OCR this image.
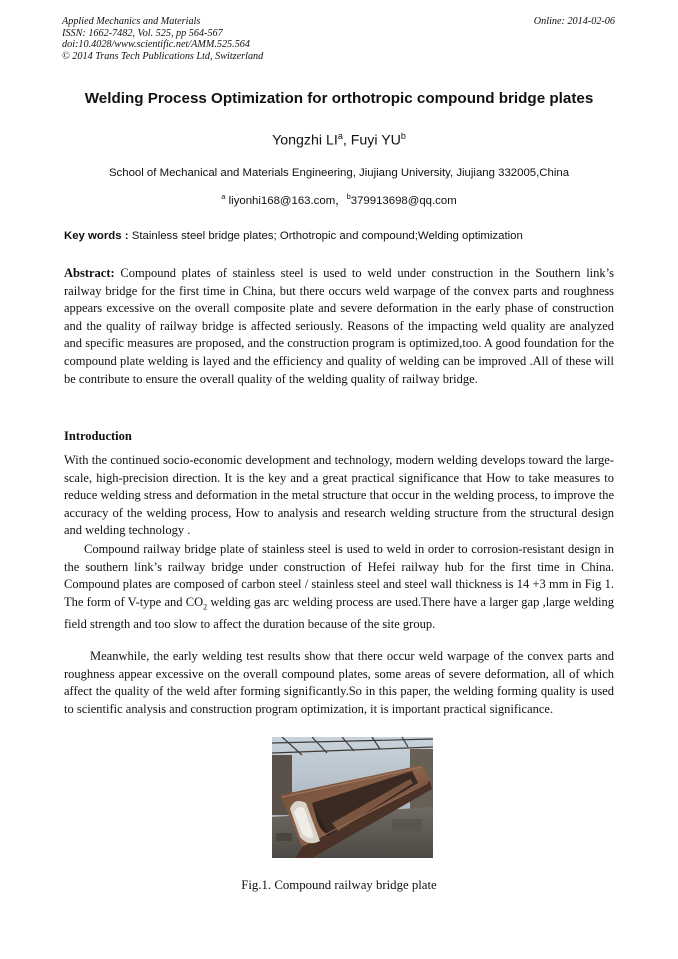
Applied Mechanics and Materials
ISSN: 1662-7482, Vol. 525, pp 564-567
doi:10.4028/www.scientific.net/AMM.525.564
© 2014 Trans Tech Publications Ltd, Switzerland
Online: 2014-02-06
Welding Process Optimization for orthotropic compound bridge plates
Yongzhi $LI^a$, Fuyi $YU^b$
School of Mechanical and Materials Engineering, Jiujiang University, Jiujiang 332005,China
$^a$ liyonhi168@163.com，$^b$379913698@qq.com
Key words : Stainless steel bridge plates; Orthotropic and compound;Welding optimization
Abstract: Compound plates of stainless steel is used to weld under construction in the Southern link’s railway bridge for the first time in China, but there occurs weld warpage of the convex parts and roughness appears excessive on the overall composite plate and severe deformation in the early phase of construction and the quality of railway bridge is affected seriously. Reasons of the impacting weld quality are analyzed and specific measures are proposed, and the construction program is optimized,too. A good foundation for the compound plate welding is layed and the efficiency and quality of welding can be improved .All of these will be contribute to ensure the overall quality of the welding quality of railway bridge.
Introduction
With the continued socio-economic development and technology, modern welding develops toward the large-scale, high-precision direction. It is the key and a great practical significance that How to take measures to reduce welding stress and deformation in the metal structure that occur in the welding process, to improve the accuracy of the welding process, How to analysis and research welding structure from the structural design and welding technology .
Compound railway bridge plate of stainless steel is used to weld in order to corrosion-resistant design in the southern link’s railway bridge under construction of Hefei railway hub for the first time in China. Compound plates are composed of carbon steel / stainless steel and steel wall thickness is 14 +3 mm in Fig 1. The form of V-type and $CO_2$ welding gas arc welding process are used.There have a larger gap ,large welding field strength and too slow to affect the duration because of the site group.
Meanwhile, the early welding test results show that there occur weld warpage of the convex parts and roughness appear excessive on the overall compound plates, some areas of severe deformation, all of which affect the quality of the weld after forming significantly.So in this paper, the welding forming quality is used to scientific analysis and construction program optimization, it is important practical significance.
Fig.1. Compound railway bridge plate
